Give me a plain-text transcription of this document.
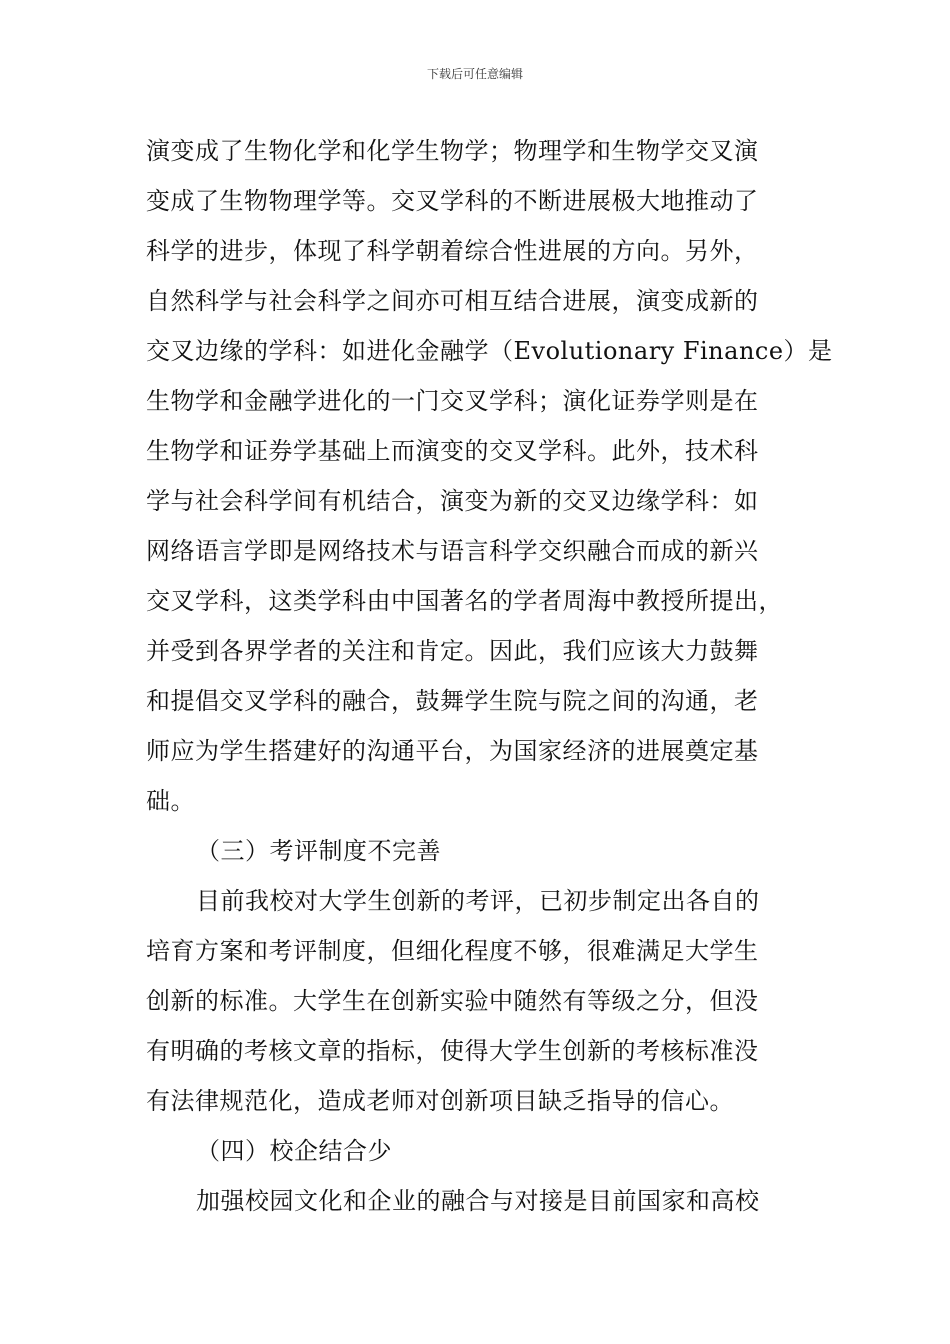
下载后可任意编辑
演变成了生物化学和化学生物学；物理学和生物学交叉演
变成了生物物理学等。交叉学科的不断进展极大地推动了
科学的进步，体现了科学朝着综合性进展的方向。另外，
自然科学与社会科学之间亦可相互结合进展，演变成新的
交叉边缘的学科：如进化金融学（Evolutionary Finance）是
生物学和金融学进化的一门交叉学科；演化证券学则是在
生物学和证券学基础上而演变的交叉学科。此外，技术科
学与社会科学间有机结合，演变为新的交叉边缘学科：如
网络语言学即是网络技术与语言科学交织融合而成的新兴
交叉学科，这类学科由中国著名的学者周海中教授所提出，
并受到各界学者的关注和肯定。因此，我们应该大力鼓舞
和提倡交叉学科的融合，鼓舞学生院与院之间的沟通，老
师应为学生搭建好的沟通平台，为国家经济的进展奠定基
础。
（三）考评制度不完善
目前我校对大学生创新的考评，已初步制定出各自的
培育方案和考评制度，但细化程度不够，很难满足大学生
创新的标准。大学生在创新实验中随然有等级之分，但没
有明确的考核文章的指标，使得大学生创新的考核标准没
有法律规范化，造成老师对创新项目缺乏指导的信心。
（四）校企结合少
加强校园文化和企业的融合与对接是目前国家和高校
